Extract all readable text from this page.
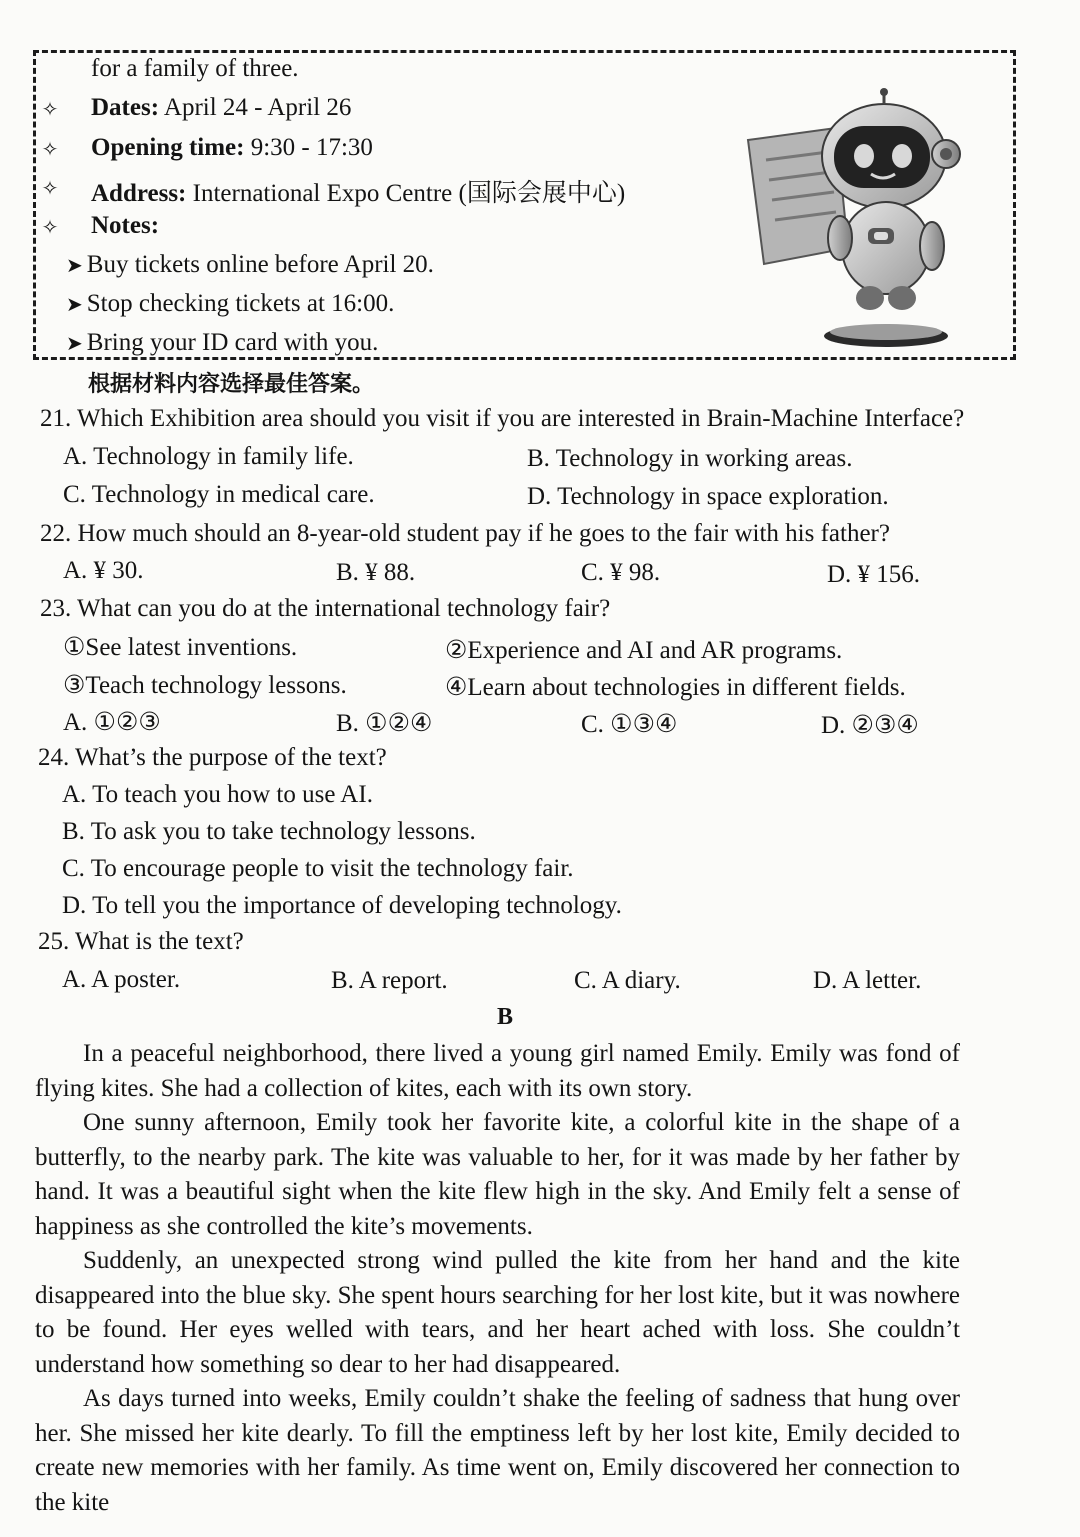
for a family of three.
✧ Dates: April 24 - April 26
✧ Opening time: 9:30 - 17:30
✧ Address: International Expo Centre (国际会展中心)
✧ Notes:
➤ Buy tickets online before April 20.
➤ Stop checking tickets at 16:00.
➤ Bring your ID card with you.
根据材料内容选择最佳答案。
21. Which Exhibition area should you visit if you are interested in Brain-Machine Interface?
A. Technology in family life.	B. Technology in working areas.
C. Technology in medical care.	D. Technology in space exploration.
22. How much should an 8-year-old student pay if he goes to the fair with his father?
A. ¥ 30.	B. ¥ 88.	C. ¥ 98.	D. ¥ 156.
23. What can you do at the international technology fair?
①See latest inventions.	②Experience and AI and AR programs.
③Teach technology lessons.	④Learn about technologies in different fields.
A. ①②③	B. ①②④	C. ①③④	D. ②③④
24. What’s the purpose of the text?
A. To teach you how to use AI.
B. To ask you to take technology lessons.
C. To encourage people to visit the technology fair.
D. To tell you the importance of developing technology.
25. What is the text?
A. A poster.	B. A report.	C. A diary.	D. A letter.
B

In a peaceful neighborhood, there lived a young girl named Emily. Emily was fond of flying kites. She had a collection of kites, each with its own story.

One sunny afternoon, Emily took her favorite kite, a colorful kite in the shape of a butterfly, to the nearby park. The kite was valuable to her, for it was made by her father by hand. It was a beautiful sight when the kite flew high in the sky. And Emily felt a sense of happiness as she controlled the kite’s movements.

Suddenly, an unexpected strong wind pulled the kite from her hand and the kite disappeared into the blue sky. She spent hours searching for her lost kite, but it was nowhere to be found. Her eyes welled with tears, and her heart ached with loss. She couldn’t understand how something so dear to her had disappeared.

As days turned into weeks, Emily couldn’t shake the feeling of sadness that hung over her. She missed her kite dearly. To fill the emptiness left by her lost kite, Emily decided to create new memories with her family. As time went on, Emily discovered her connection to the kite
